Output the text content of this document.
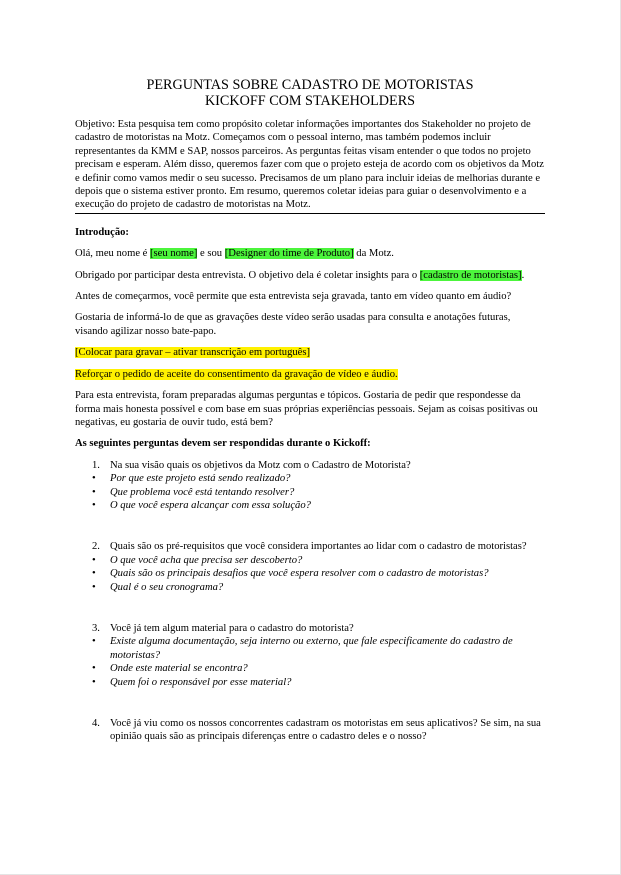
PERGUNTAS SOBRE CADASTRO DE MOTORISTAS
KICKOFF COM STAKEHOLDERS

Objetivo: Esta pesquisa tem como propósito coletar informações importantes dos Stakeholder no projeto de cadastro de motoristas na Motz. Começamos com o pessoal interno, mas também podemos incluir representantes da KMM e SAP, nossos parceiros. As perguntas feitas visam entender o que todos no projeto precisam e esperam. Além disso, queremos fazer com que o projeto esteja de acordo com os objetivos da Motz e definir como vamos medir o seu sucesso. Precisamos de um plano para incluir ideias de melhorias durante e depois que o sistema estiver pronto. Em resumo, queremos coletar ideias para guiar o desenvolvimento e a execução do projeto de cadastro de motoristas na Motz.

Introdução:

Olá, meu nome é [seu nome] e sou [Designer do time de Produto] da Motz.

Obrigado por participar desta entrevista. O objetivo dela é coletar insights para o [cadastro de motoristas].

Antes de começarmos, você permite que esta entrevista seja gravada, tanto em vídeo quanto em áudio?

Gostaria de informá-lo de que as gravações deste vídeo serão usadas para consulta e anotações futuras, visando agilizar nosso bate-papo.

[Colocar para gravar – ativar transcrição em português]

Reforçar o pedido de aceite do consentimento da gravação de vídeo e áudio.

Para esta entrevista, foram preparadas algumas perguntas e tópicos. Gostaria de pedir que respondesse da forma mais honesta possível e com base em suas próprias experiências pessoais. Sejam as coisas positivas ou negativas, eu gostaria de ouvir tudo, está bem?

As seguintes perguntas devem ser respondidas durante o Kickoff:

1. Na sua visão quais os objetivos da Motz com o Cadastro de Motorista?
• Por que este projeto está sendo realizado?
• Que problema você está tentando resolver?
• O que você espera alcançar com essa solução?
2. Quais são os pré-requisitos que você considera importantes ao lidar com o cadastro de motoristas?
• O que você acha que precisa ser descoberto?
• Quais são os principais desafios que você espera resolver com o cadastro de motoristas?
• Qual é o seu cronograma?
3. Você já tem algum material para o cadastro do motorista?
• Existe alguma documentação, seja interno ou externo, que fale especificamente do cadastro de motoristas?
• Onde este material se encontra?
• Quem foi o responsável por esse material?
4. Você já viu como os nossos concorrentes cadastram os motoristas em seus aplicativos? Se sim, na sua opinião quais são as principais diferenças entre o cadastro deles e o nosso?
